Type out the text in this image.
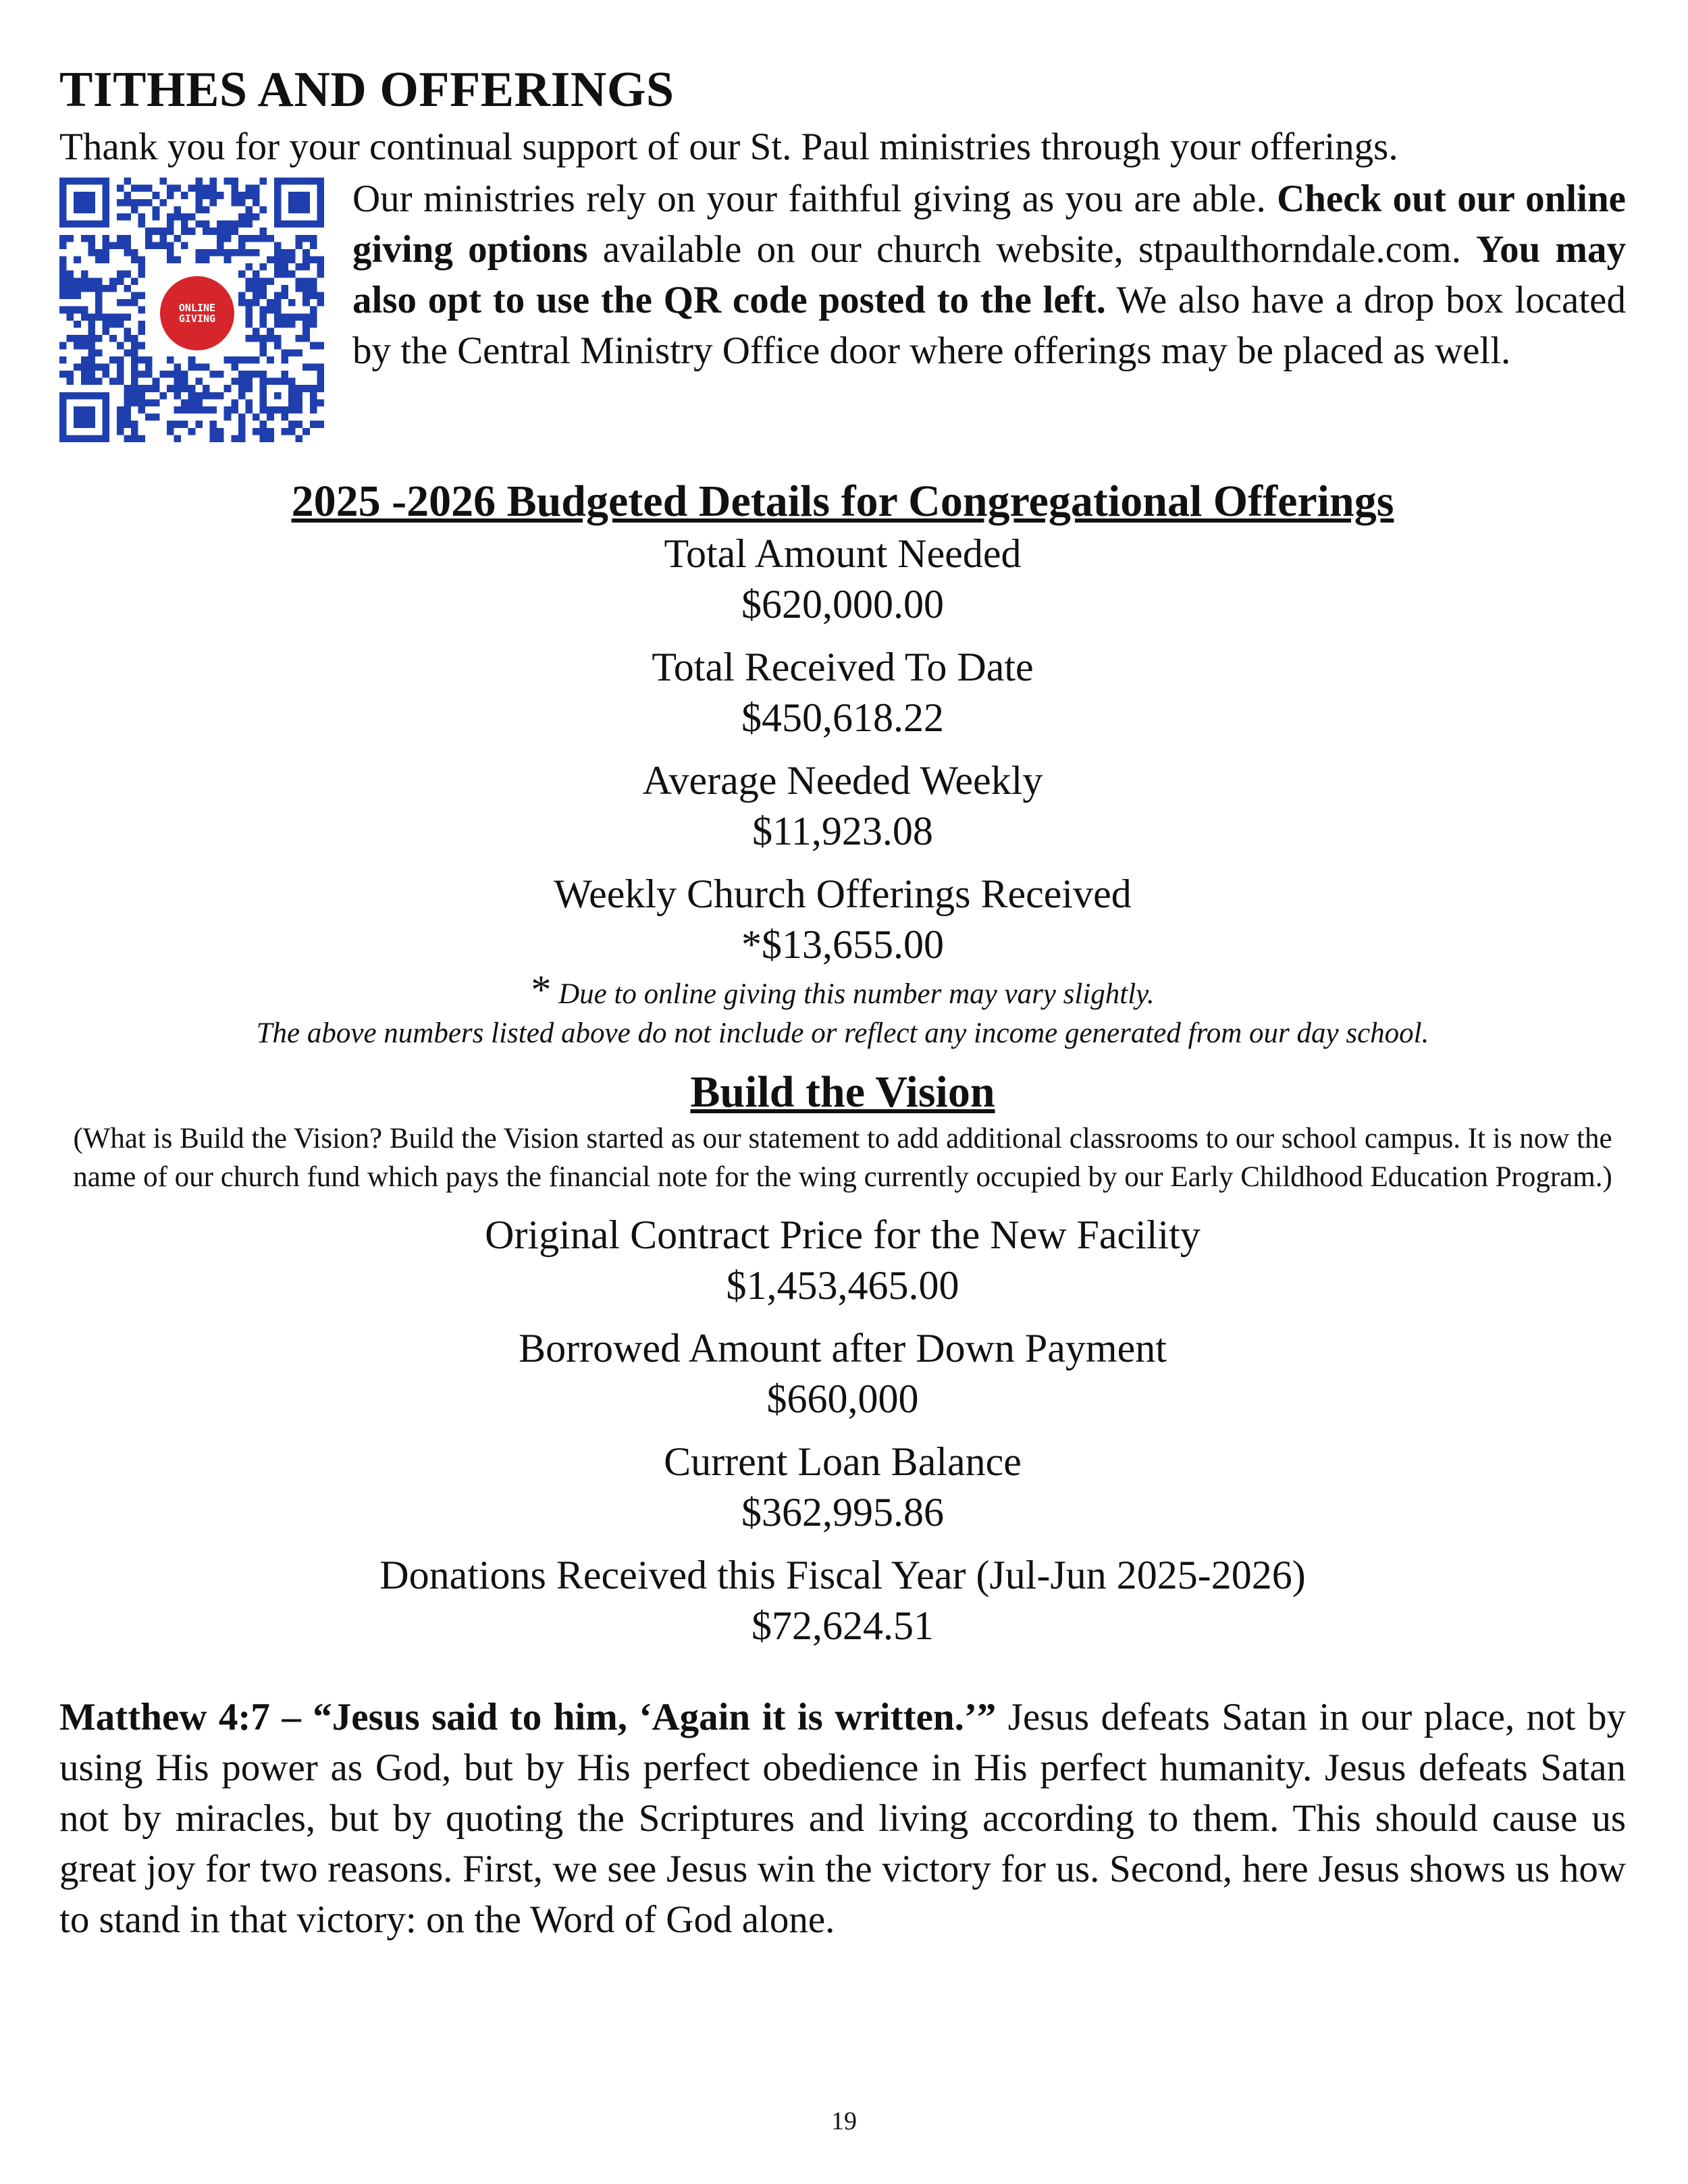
TITHES AND OFFERINGS
Thank you for your continual support of our St. Paul ministries through your offerings.
ONLINE
GIVING
Our ministries rely on your faithful giving as you are able. Check out our online giving options available on our church website, stpaulthorndale.com. You may also opt to use the QR code posted to the left. We also have a drop box located by the Central Ministry Office door where offerings may be placed as well.
2025 -2026 Budgeted Details for Congregational Offerings
Total Amount Needed
$620,000.00
Total Received To Date
$450,618.22
Average Needed Weekly
$11,923.08
Weekly Church Offerings Received
*$13,655.00
* Due to online giving this number may vary slightly.
The above numbers listed above do not include or reflect any income generated from our day school.
Build the Vision
(What is Build the Vision? Build the Vision started as our statement to add additional classrooms to our school campus. It is now the name of our church fund which pays the financial note for the wing currently occupied by our Early Childhood Education Program.)
Original Contract Price for the New Facility
$1,453,465.00
Borrowed Amount after Down Payment
$660,000
Current Loan Balance
$362,995.86
Donations Received this Fiscal Year (Jul-Jun 2025-2026)
$72,624.51
Matthew 4:7 – “Jesus said to him, ‘Again it is written.’” Jesus defeats Satan in our place, not by using His power as God, but by His perfect obedience in His perfect humanity. Jesus defeats Satan not by miracles, but by quoting the Scriptures and living according to them. This should cause us great joy for two reasons. First, we see Jesus win the victory for us. Second, here Jesus shows us how to stand in that victory: on the Word of God alone.
19
